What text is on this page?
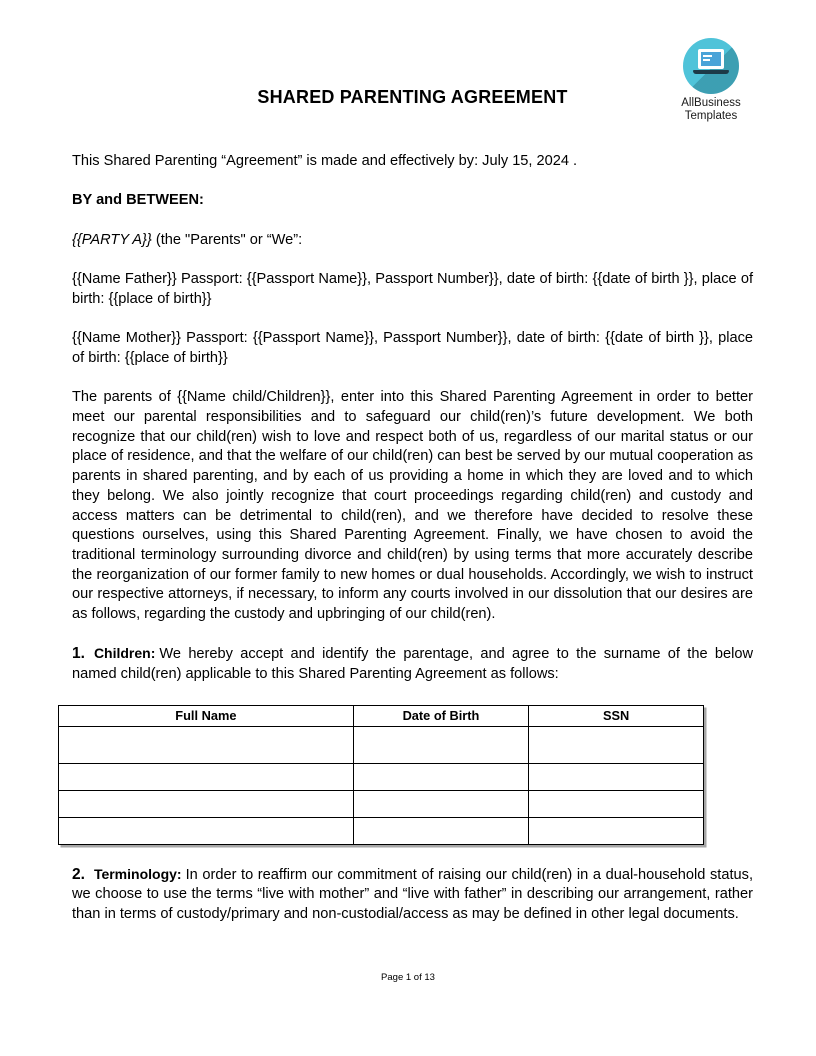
AllBusiness
Templates
SHARED PARENTING AGREEMENT

This Shared Parenting “Agreement” is made and effectively by: July 15, 2024 .

BY and BETWEEN:

{{PARTY A}} (the "Parents" or “We”:

{{Name Father}} Passport: {{Passport Name}}, Passport Number}}, date of birth: {{date of birth }}, place of birth: {{place of birth}}

{{Name Mother}} Passport: {{Passport Name}}, Passport Number}}, date of birth: {{date of birth }}, place of birth: {{place of birth}}

The parents of {{Name child/Children}}, enter into this Shared Parenting Agreement in order to better meet our parental responsibilities and to safeguard our child(ren)’s future development. We both recognize that our child(ren) wish to love and respect both of us, regardless of our marital status or our place of residence, and that the welfare of our child(ren) can best be served by our mutual cooperation as parents in shared parenting, and by each of us providing a home in which they are loved and to which they belong. We also jointly recognize that court proceedings regarding child(ren) and custody and access matters can be detrimental to child(ren), and we therefore have decided to resolve these questions ourselves, using this Shared Parenting Agreement. Finally, we have chosen to avoid the traditional terminology surrounding divorce and child(ren) by using terms that more accurately describe the reorganization of our former family to new homes or dual households. Accordingly, we wish to instruct our respective attorneys, if necessary, to inform any courts involved in our dissolution that our desires are as follows, regarding the custody and upbringing of our child(ren).

1. Children: We hereby accept and identify the parentage, and agree to the surname of the below named child(ren) applicable to this Shared Parenting Agreement as follows:

Full Name	Date of Birth	SSN

2. Terminology: In order to reaffirm our commitment of raising our child(ren) in a dual-household status, we choose to use the terms “live with mother” and “live with father” in describing our arrangement, rather than in terms of custody/primary and non-custodial/access as may be defined in other legal documents.

Page 1 of 13
